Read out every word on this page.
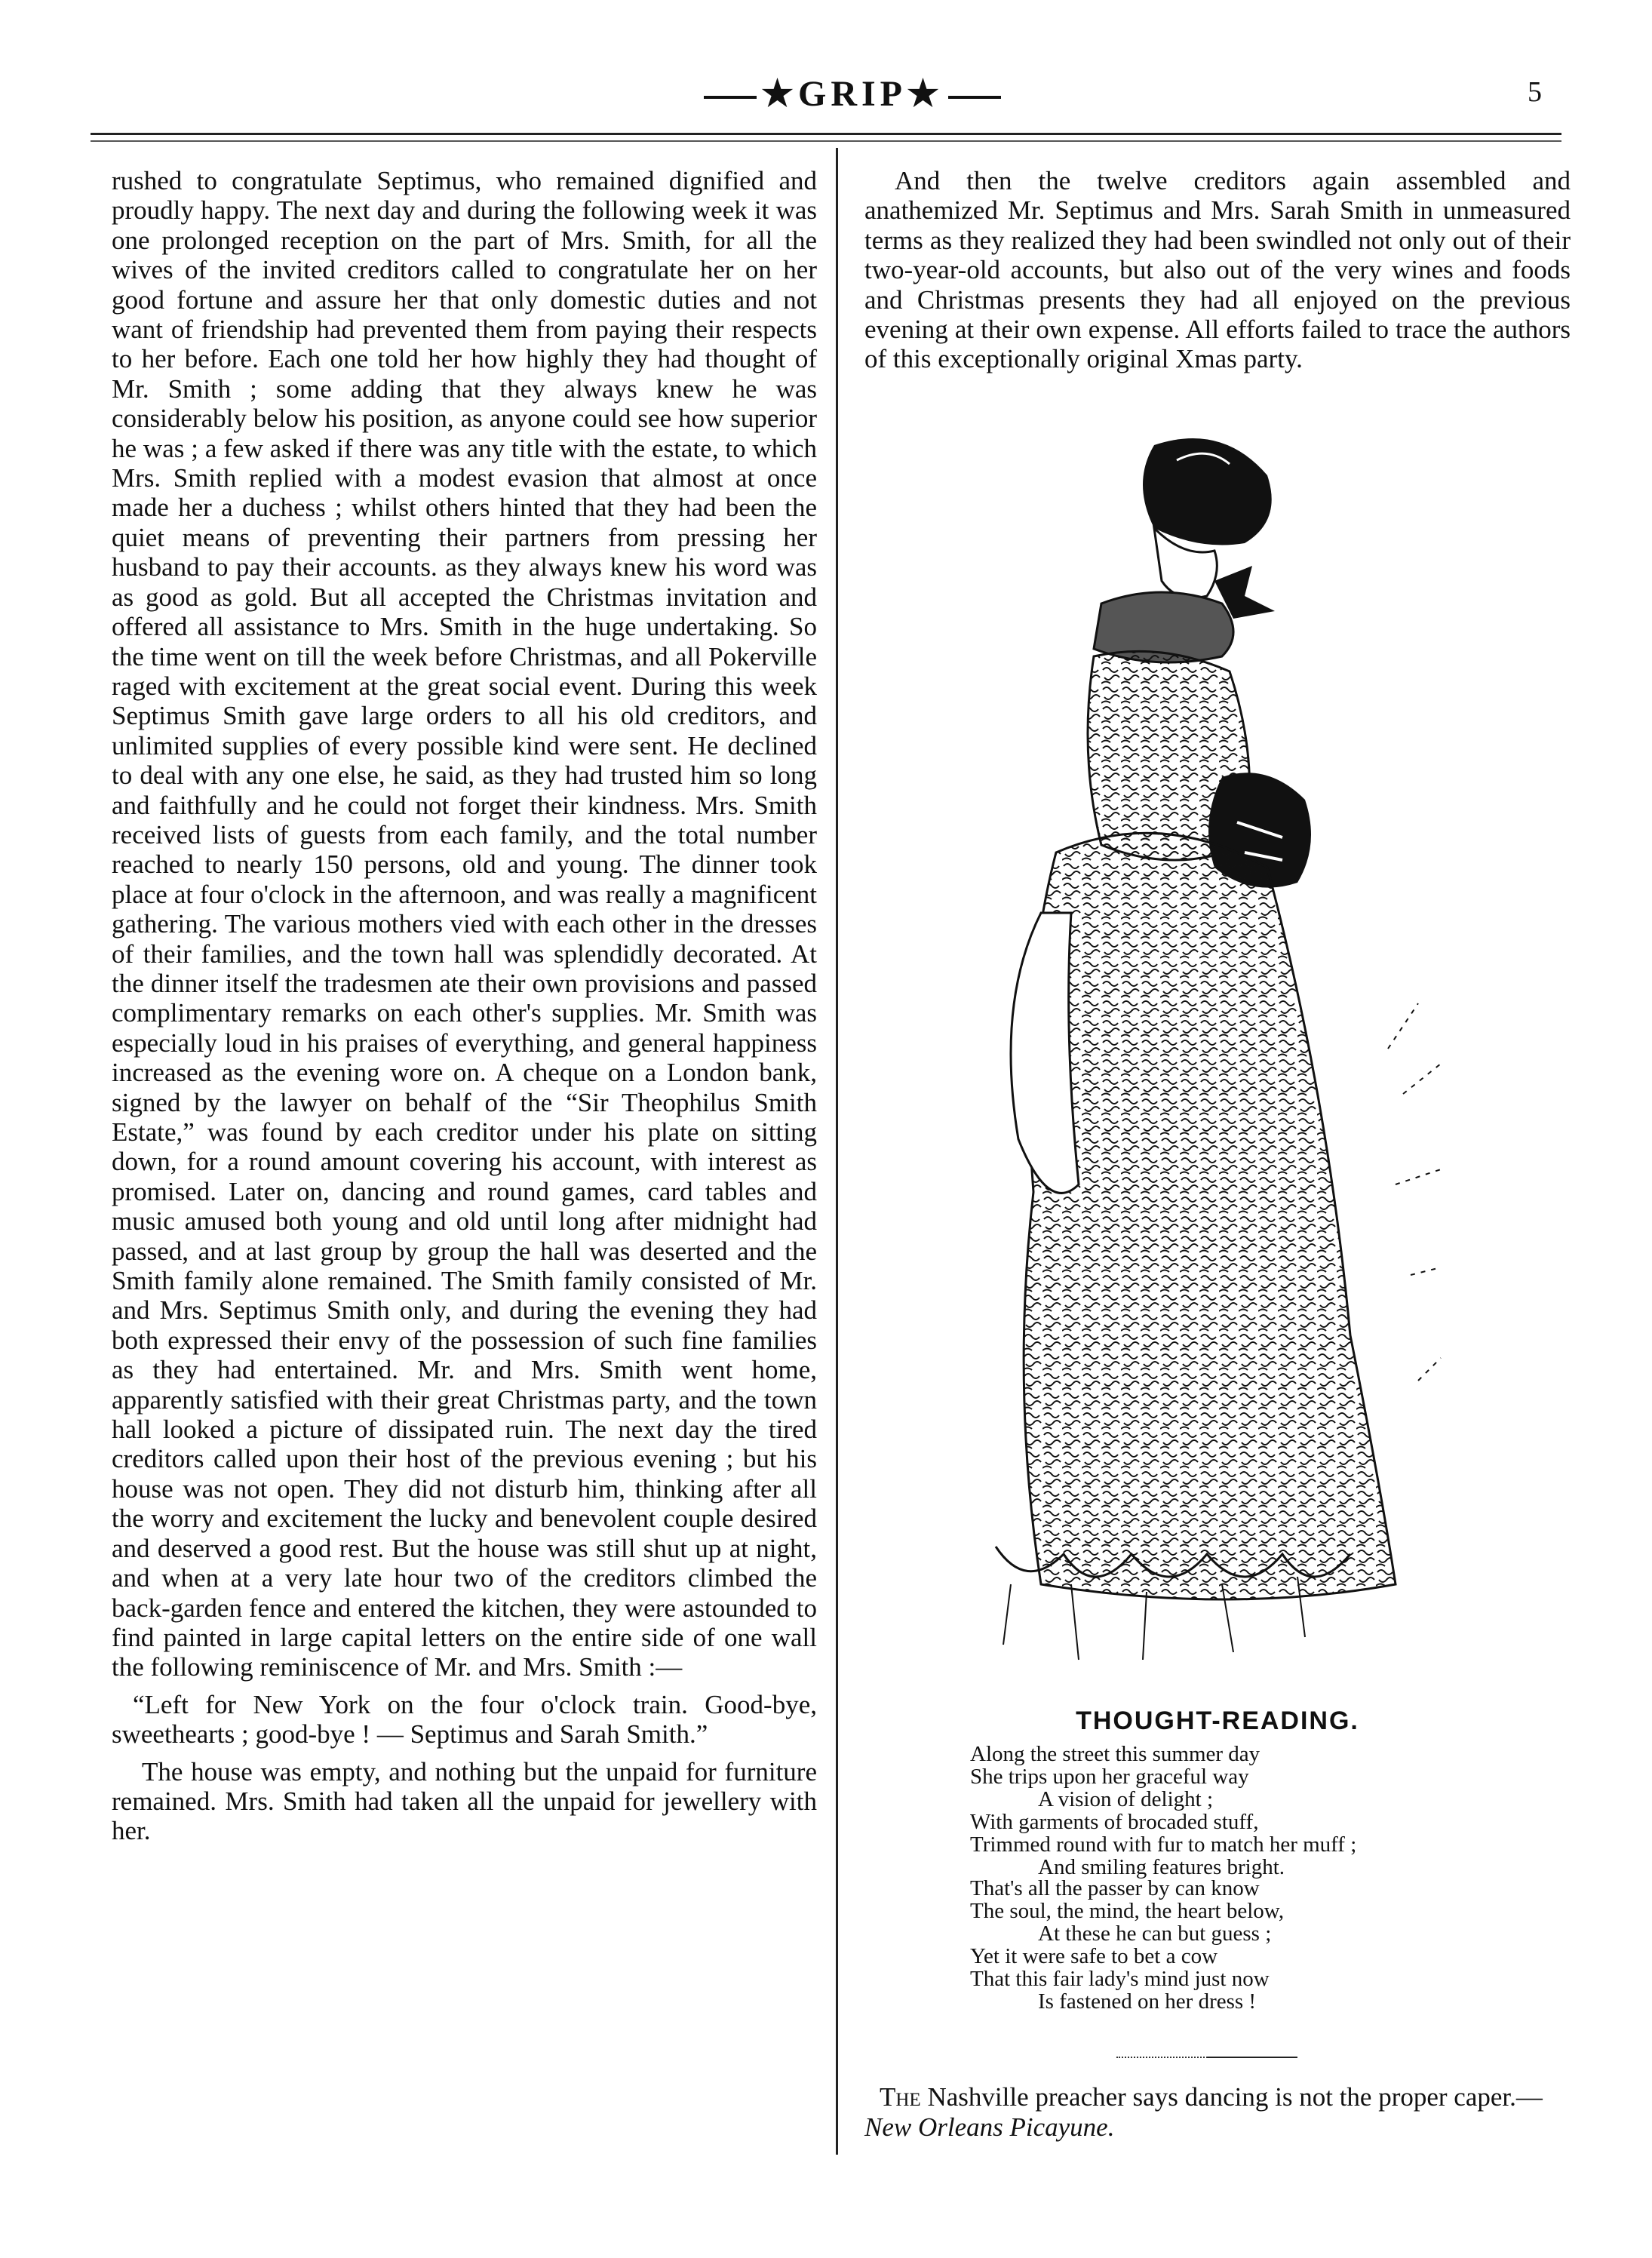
★GRIP★	5

rushed to congratulate Septimus, who remained dignified and proudly happy. The next day and during the following week it was one prolonged reception on the part of Mrs. Smith, for all the wives of the invited creditors called to congratulate her on her good fortune and assure her that only domestic duties and not want of friendship had prevented them from paying their respects to her before. Each one told her how highly they had thought of Mr. Smith ; some adding that they always knew he was considerably below his position, as anyone could see how superior he was ; a few asked if there was any title with the estate, to which Mrs. Smith replied with a modest evasion that almost at once made her a duchess ; whilst others hinted that they had been the quiet means of preventing their partners from pressing her husband to pay their accounts. as they always knew his word was as good as gold. But all accepted the Christmas invitation and offered all assistance to Mrs. Smith in the huge undertaking. So the time went on till the week before Christmas, and all Pokerville raged with excitement at the great social event. During this week Septimus Smith gave large orders to all his old creditors, and unlimited supplies of every possible kind were sent. He declined to deal with any one else, he said, as they had trusted him so long and faithfully and he could not forget their kindness. Mrs. Smith received lists of guests from each family, and the total number reached to nearly 150 persons, old and young. The dinner took place at four o'clock in the afternoon, and was really a magnificent gathering. The various mothers vied with each other in the dresses of their families, and the town hall was splendidly decorated. At the dinner itself the tradesmen ate their own provisions and passed complimentary remarks on each other's supplies. Mr. Smith was especially loud in his praises of everything, and general happiness increased as the evening wore on. A cheque on a London bank, signed by the lawyer on behalf of the “Sir Theophilus Smith Estate,” was found by each creditor under his plate on sitting down, for a round amount covering his account, with interest as promised. Later on, dancing and round games, card tables and music amused both young and old until long after midnight had passed, and at last group by group the hall was deserted and the Smith family alone remained. The Smith family consisted of Mr. and Mrs. Septimus Smith only, and during the evening they had both expressed their envy of the possession of such fine families as they had entertained. Mr. and Mrs. Smith went home, apparently satisfied with their great Christmas party, and the town hall looked a picture of dissipated ruin. The next day the tired creditors called upon their host of the previous evening ; but his house was not open. They did not disturb him, thinking after all the worry and excitement the lucky and benevolent couple desired and deserved a good rest. But the house was still shut up at night, and when at a very late hour two of the creditors climbed the back-garden fence and entered the kitchen, they were astounded to find painted in large capital letters on the entire side of one wall the following reminiscence of Mr. and Mrs. Smith :—

“Left for New York on the four o'clock train. Good-bye, sweethearts ; good-bye ! — Septimus and Sarah Smith.”

The house was empty, and nothing but the unpaid for furniture remained. Mrs. Smith had taken all the unpaid for jewellery with her.

And then the twelve creditors again assembled and anathemized Mr. Septimus and Mrs. Sarah Smith in unmeasured terms as they realized they had been swindled not only out of their two-year-old accounts, but also out of the very wines and foods and Christmas presents they had all enjoyed on the previous evening at their own expense. All efforts failed to trace the authors of this exceptionally original Xmas party.

THOUGHT-READING.
Along the street this summer day
She trips upon her graceful way
A vision of delight ;
With garments of brocaded stuff,
Trimmed round with fur to match her muff ;
And smiling features bright.
That's all the passer by can know
The soul, the mind, the heart below,
At these he can but guess ;
Yet it were safe to bet a cow
That this fair lady's mind just now
Is fastened on her dress !
The Nashville preacher says dancing is not the proper caper.—New Orleans Picayune.
